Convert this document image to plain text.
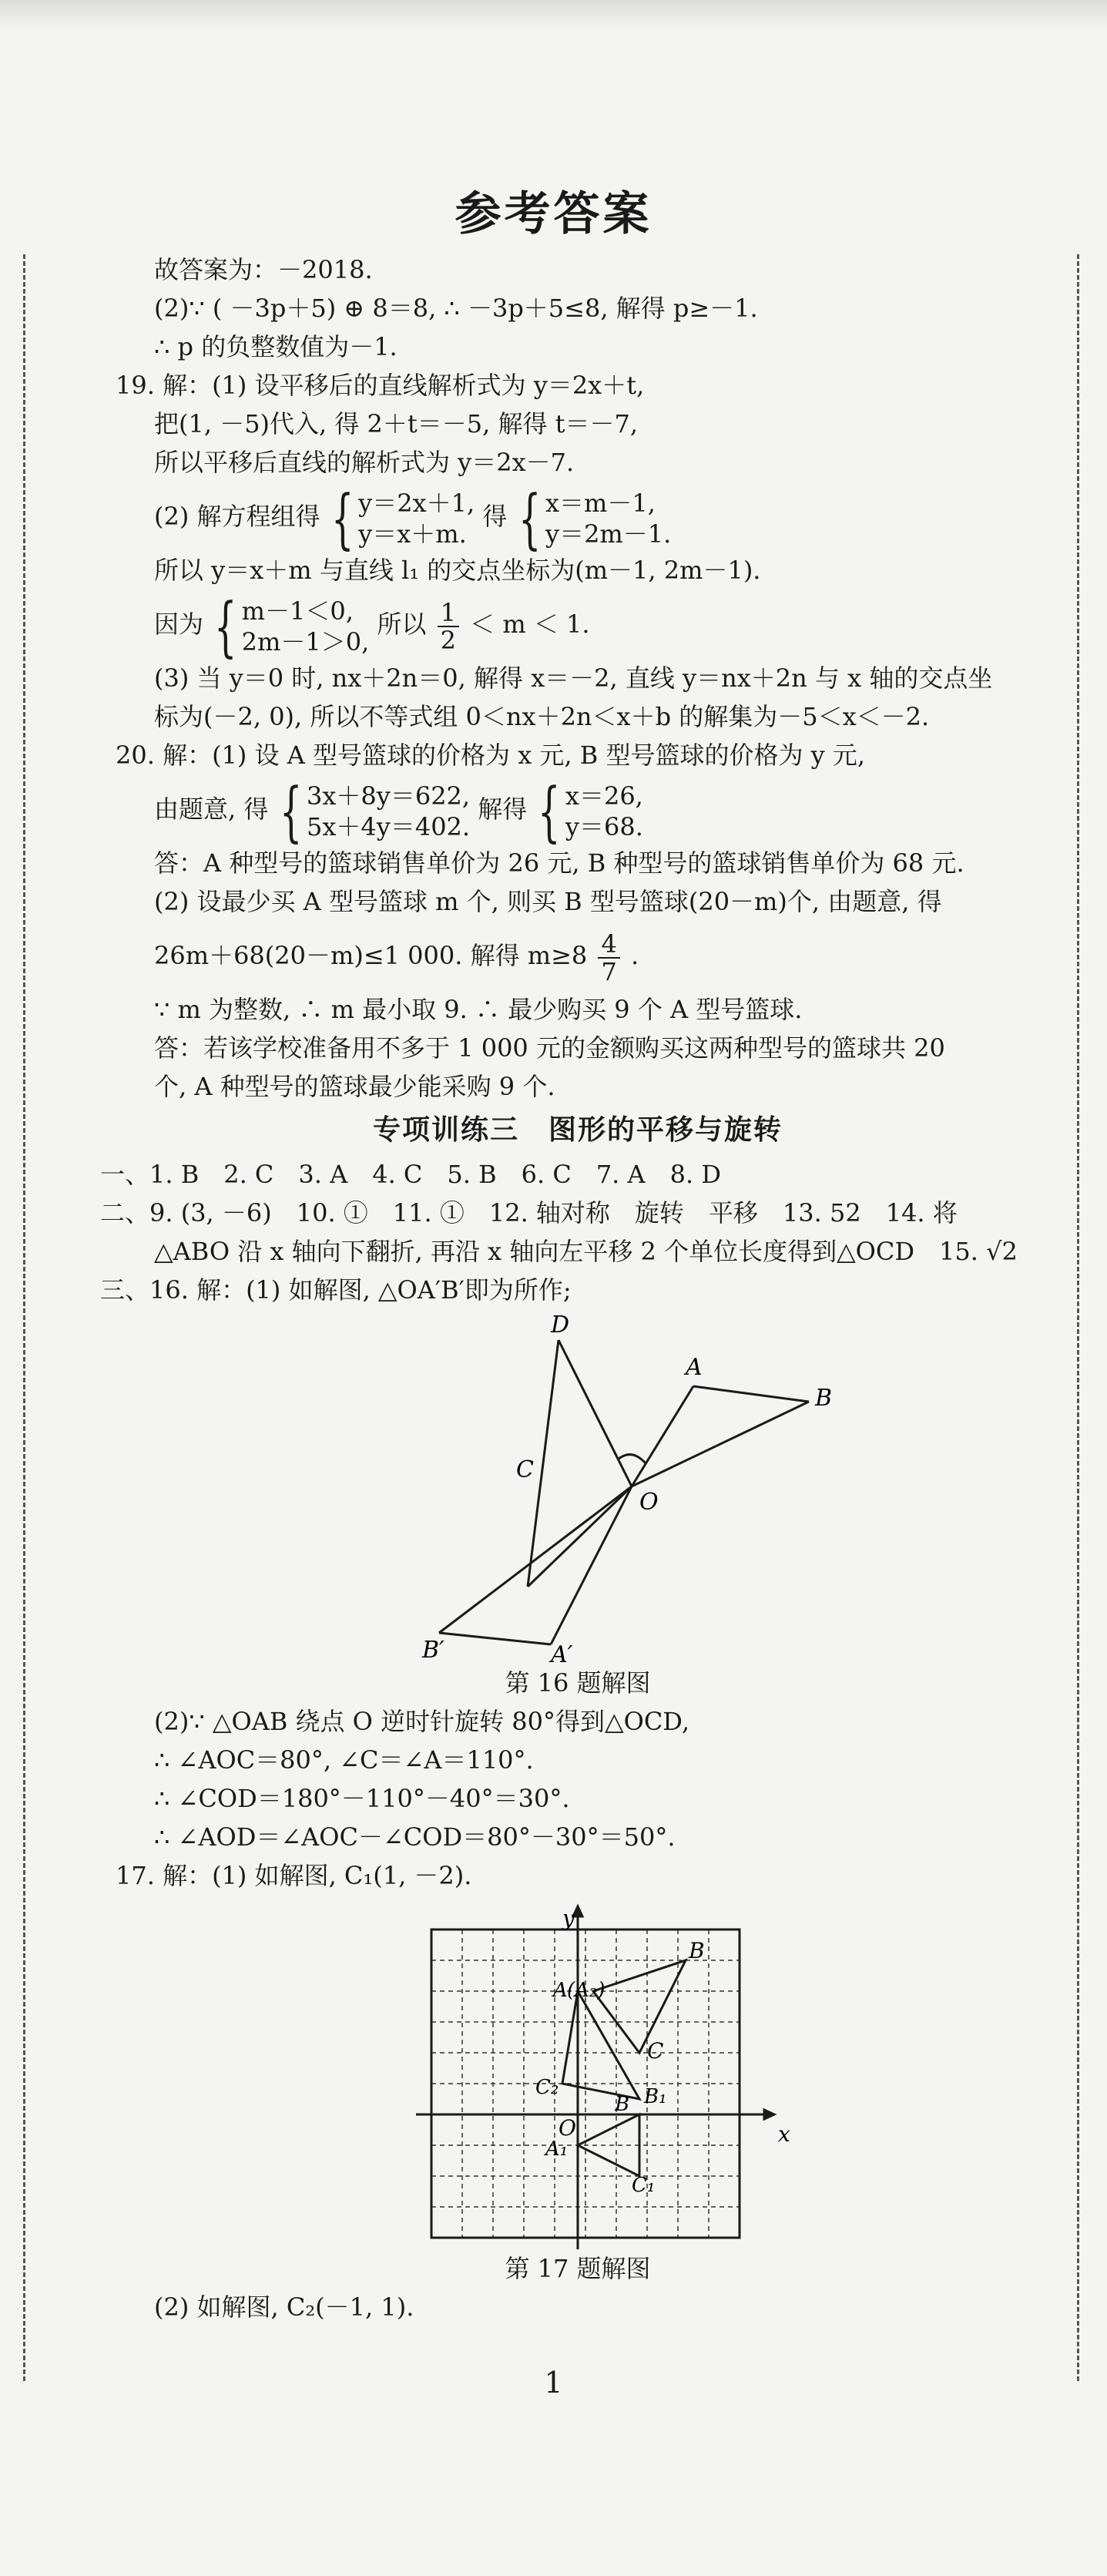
参考答案
故答案为：－2018.
(2)∵ ( －3p＋5) ⊕ 8＝8, ∴ －3p＋5≤8, 解得 p≥－1.
∴ p 的负整数值为－1.
19. 解：(1) 设平移后的直线解析式为 y＝2x＋t,
把(1, －5)代入, 得 2＋t＝－5, 解得 t＝－7,
所以平移后直线的解析式为 y＝2x－7.
(2) 解方程组得 { y＝2x＋1,
y＝x＋m.
得 { x＝m－1,
y＝2m－1.
所以 y＝x＋m 与直线 l₁ 的交点坐标为(m－1, 2m－1).
因为 { m－1＜0,
2m－1＞0,
所以 $\frac{1}{2} < m < 1$.
(3) 当 y＝0 时, nx＋2n＝0, 解得 x＝－2, 直线 y＝nx＋2n 与 x 轴的交点坐
标为(－2, 0), 所以不等式组 0＜nx＋2n＜x＋b 的解集为－5＜x＜－2.
20. 解：(1) 设 A 型号篮球的价格为 x 元, B 型号篮球的价格为 y 元,
由题意, 得 { 3x＋8y＝622,
5x＋4y＝402.
解得 { x＝26,
y＝68.
答：A 种型号的篮球销售单价为 26 元, B 种型号的篮球销售单价为 68 元.
(2) 设最少买 A 型号篮球 m 个, 则买 B 型号篮球(20－m)个, 由题意, 得
26m＋68(20－m)≤1 000. 解得 $m\ge 8 \frac{4}{7}$ .
∵ m 为整数, ∴ m 最小取 9. ∴ 最少购买 9 个 A 型号篮球.
答：若该学校准备用不多于 1 000 元的金额购买这两种型号的篮球共 20
个, A 种型号的篮球最少能采购 9 个.
专项训练三　图形的平移与旋转
一、1. B　2. C　3. A　4. C　5. B　6. C　7. A　8. D
二、9. (3, －6)　10. ①　11. ①　12. 轴对称　旋转　平移　13. 52　14. 将
△ABO 沿 x 轴向下翻折, 再沿 x 轴向左平移 2 个单位长度得到△OCD　15. √2
三、16. 解：(1) 如解图, △OA′B′即为所作;
D
C
A
B
O
B′	A′
第 16 题解图
(2)∵ △OAB 绕点 O 逆时针旋转 80°得到△OCD,
∴ ∠AOC＝80°, ∠C＝∠A＝110°.
∴ ∠COD＝180°－110°－40°＝30°.
∴ ∠AOD＝∠AOC－∠COD＝80°－30°＝50°.
17. 解：(1) 如解图, C₁(1, －2).
y
x
O
B
A (A₂)
C
C₂
B B₁
A₁
C₁
第 17 题解图
(2) 如解图, C₂(－1, 1).
1
